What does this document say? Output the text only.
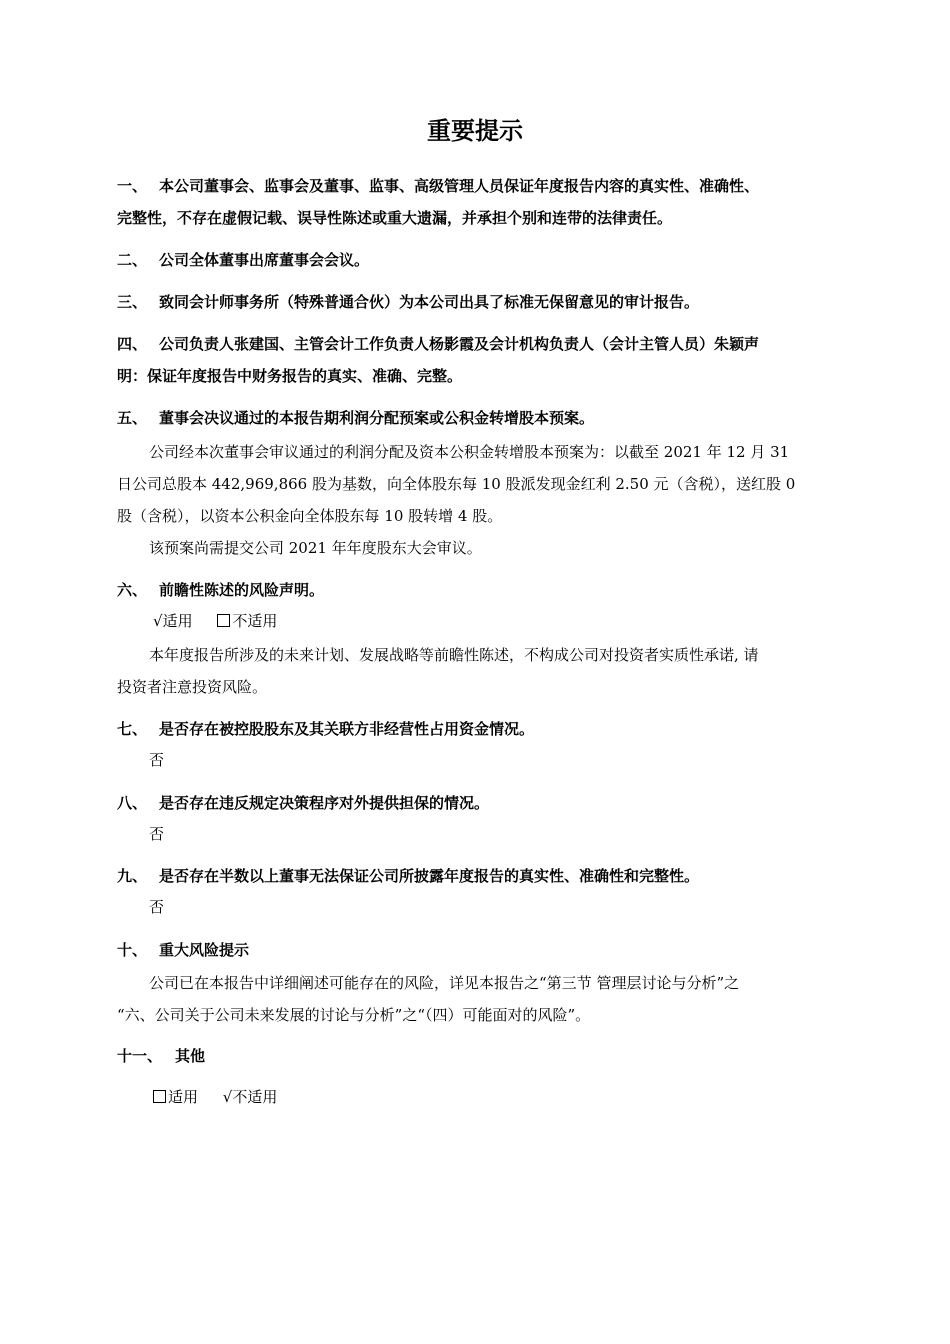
重要提示
一、 本公司董事会、监事会及董事、监事、高级管理人员保证年度报告内容的真实性、准确性、
完整性，不存在虚假记载、误导性陈述或重大遗漏，并承担个别和连带的法律责任。
二、 公司全体董事出席董事会会议。
三、 致同会计师事务所（特殊普通合伙）为本公司出具了标准无保留意见的审计报告。
四、 公司负责人张建国、主管会计工作负责人杨影霞及会计机构负责人（会计主管人员）朱颖声
明：保证年度报告中财务报告的真实、准确、完整。
五、 董事会决议通过的本报告期利润分配预案或公积金转增股本预案。
公司经本次董事会审议通过的利润分配及资本公积金转增股本预案为：以截至 2021 年 12 月 31
日公司总股本 442,969,866 股为基数，向全体股东每 10 股派发现金红利 2.50 元（含税），送红股 0
股（含税），以资本公积金向全体股东每 10 股转增 4 股。
该预案尚需提交公司 2021 年年度股东大会审议。
六、 前瞻性陈述的风险声明。
√适用	不适用
本年度报告所涉及的未来计划、发展战略等前瞻性陈述，不构成公司对投资者实质性承诺, 请
投资者注意投资风险。
七、 是否存在被控股股东及其关联方非经营性占用资金情况。
否
八、 是否存在违反规定决策程序对外提供担保的情况。
否
九、 是否存在半数以上董事无法保证公司所披露年度报告的真实性、准确性和完整性。
否
十、 重大风险提示
公司已在本报告中详细阐述可能存在的风险，详见本报告之“第三节 管理层讨论与分析”之
“六、公司关于公司未来发展的讨论与分析”之“（四）可能面对的风险”。
十一、 其他
适用 √不适用
